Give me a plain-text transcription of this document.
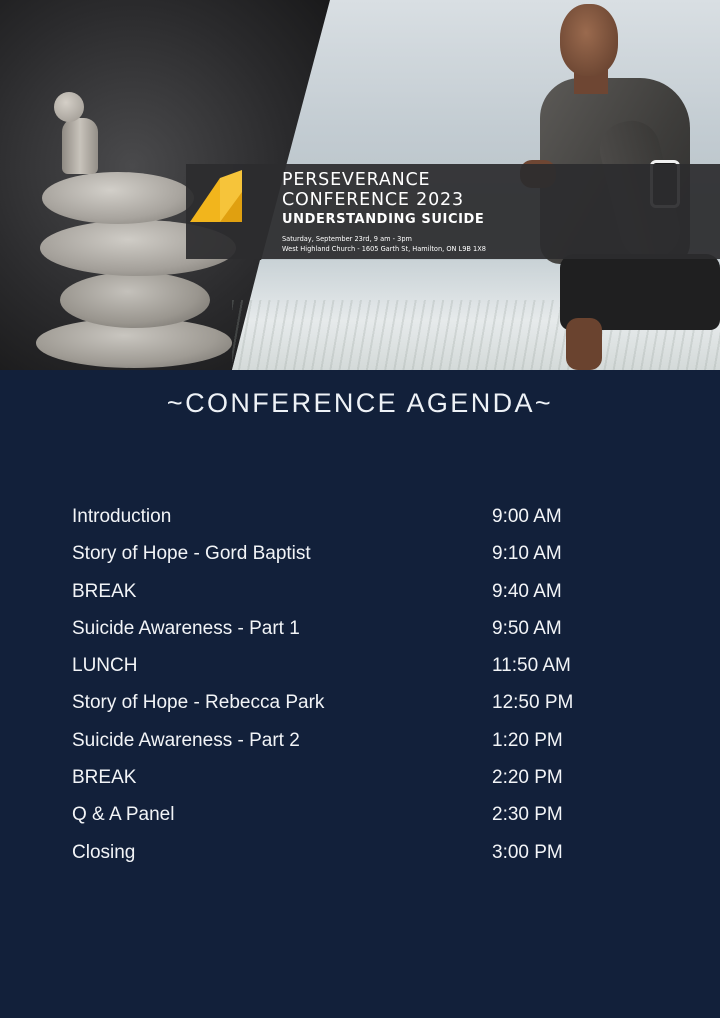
PERSEVERANCE
CONFERENCE 2023
UNDERSTANDING SUICIDE
Saturday, September 23rd, 9 am - 3pm
West Highland Church - 1605 Garth St, Hamilton, ON L9B 1X8
~CONFERENCE AGENDA~
Introduction	9:00 AM
Story of Hope - Gord Baptist	9:10 AM
BREAK	9:40 AM
Suicide Awareness - Part 1	9:50 AM
LUNCH	11:50 AM
Story of Hope - Rebecca Park	12:50 PM
Suicide Awareness - Part 2	1:20 PM
BREAK	2:20 PM
Q & A Panel	2:30 PM
Closing	3:00 PM
